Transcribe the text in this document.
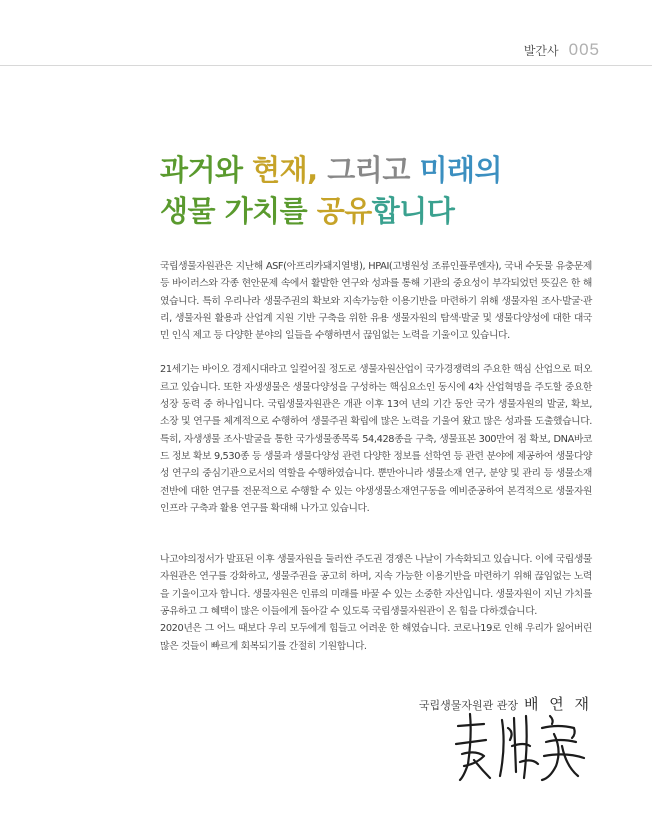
발간사 005
과거와 현재, 그리고 미래의
생물 가치를 공유합니다

국립생물자원관은 지난해 ASF(아프리카돼지열병), HPAI(고병원성 조류인플루엔자), 국내 수돗물 유충문제 등 바이러스와 각종 현안문제 속에서 활발한 연구와 성과를 통해 기관의 중요성이 부각되었던 뜻깊은 한 해였습니다. 특히 우리나라 생물주권의 확보와 지속가능한 이용기반을 마련하기 위해 생물자원 조사·발굴·관리, 생물자원 활용과 산업계 지원 기반 구축을 위한 유용 생물자원의 탐색·발굴 및 생물다양성에 대한 대국민 인식 제고 등 다양한 분야의 일들을 수행하면서 끊임없는 노력을 기울이고 있습니다.

21세기는 바이오 경제시대라고 일컬어질 정도로 생물자원산업이 국가경쟁력의 주요한 핵심 산업으로 떠오르고 있습니다. 또한 자생생물은 생물다양성을 구성하는 핵심요소인 동시에 4차 산업혁명을 주도할 중요한 성장 동력 중 하나입니다. 국립생물자원관은 개관 이후 13여 년의 기간 동안 국가 생물자원의 발굴, 확보, 소장 및 연구를 체계적으로 수행하여 생물주권 확립에 많은 노력을 기울여 왔고 많은 성과를 도출했습니다. 특히, 자생생물 조사·발굴을 통한 국가생물종목록 54,428종을 구축, 생물표본 300만여 점 확보, DNA바코드 정보 확보 9,530종 등 생물과 생물다양성 관련 다양한 정보를 선학연 등 관련 분야에 제공하여 생물다양성 연구의 중심기관으로서의 역할을 수행하였습니다. 뿐만아니라 생물소재 연구, 분양 및 관리 등 생물소재 전반에 대한 연구를 전문적으로 수행할 수 있는 야생생물소재연구동을 예비준공하여 본격적으로 생물자원 인프라 구축과 활용 연구를 확대해 나가고 있습니다.

나고야의정서가 발표된 이후 생물자원을 둘러싼 주도권 경쟁은 나날이 가속화되고 있습니다. 이에 국립생물자원관은 연구를 강화하고, 생물주권을 공고히 하며, 지속 가능한 이용기반을 마련하기 위해 끊임없는 노력을 기울이고자 합니다. 생물자원은 인류의 미래를 바꿀 수 있는 소중한 자산입니다. 생물자원이 지닌 가치를 공유하고 그 혜택이 많은 이들에게 돌아갈 수 있도록 국립생물자원관이 온 힘을 다하겠습니다.

2020년은 그 어느 때보다 우리 모두에게 힘들고 어려운 한 해였습니다. 코로나19로 인해 우리가 잃어버린 많은 것들이 빠르게 회복되기를 간절히 기원합니다.

국립생물자원관 관장 배 연 재
